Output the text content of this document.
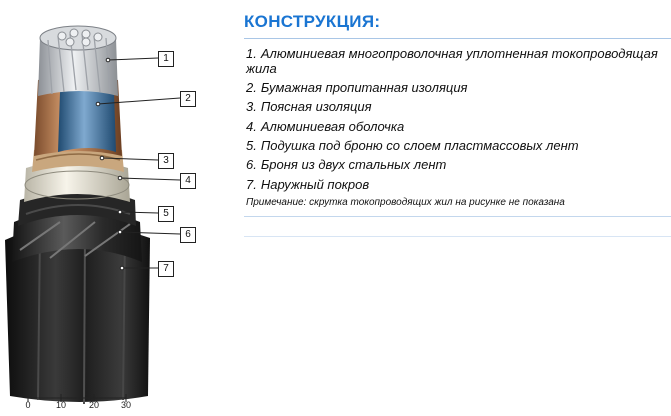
1
2
3
4
5
6
7
0	10	20 30
КОНСТРУКЦИЯ:
1. Алюминиевая многопроволочная уплотненная токопроводящая
жила
2. Бумажная пропитанная изоляция
3. Поясная изоляция
4. Алюминиевая оболочка
5. Подушка под броню со слоем пластмассовых лент
6. Броня из двух стальных лент
7. Наружный покров
Примечание: скрутка токопроводящих жил на рисунке не показана
